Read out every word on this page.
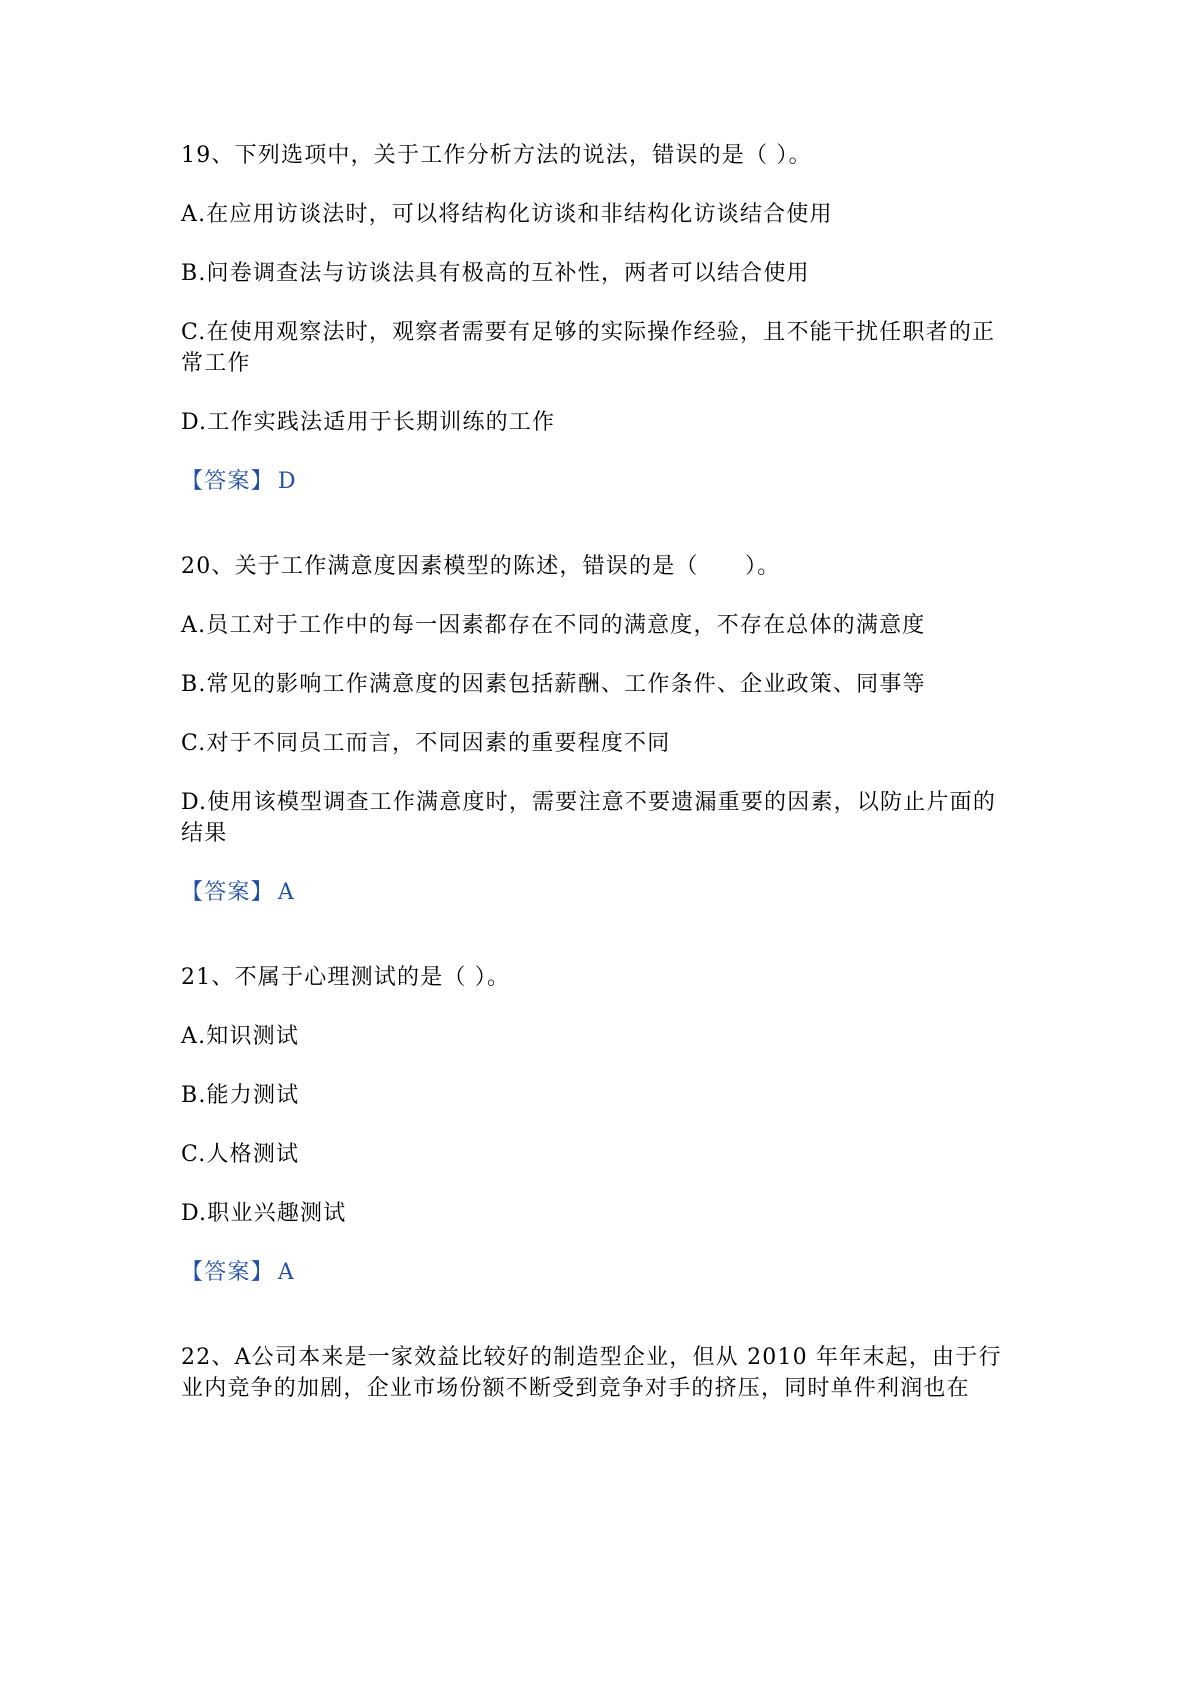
19、下列选项中，关于工作分析方法的说法，错误的是（ ）。

A.在应用访谈法时，可以将结构化访谈和非结构化访谈结合使用

B.问卷调查法与访谈法具有极高的互补性，两者可以结合使用

C.在使用观察法时，观察者需要有足够的实际操作经验，且不能干扰任职者的正常工作

D.工作实践法适用于长期训练的工作

【答案】 D

20、关于工作满意度因素模型的陈述，错误的是（　　）。

A.员工对于工作中的每一因素都存在不同的满意度，不存在总体的满意度

B.常见的影响工作满意度的因素包括薪酬、工作条件、企业政策、同事等

C.对于不同员工而言，不同因素的重要程度不同

D.使用该模型调查工作满意度时，需要注意不要遗漏重要的因素，以防止片面的结果

【答案】 A

21、不属于心理测试的是（ ）。

A.知识测试

B.能力测试

C.人格测试

D.职业兴趣测试

【答案】 A

22、A公司本来是一家效益比较好的制造型企业，但从 2010 年年末起，由于行业内竞争的加剧，企业市场份额不断受到竞争对手的挤压，同时单件利润也在
